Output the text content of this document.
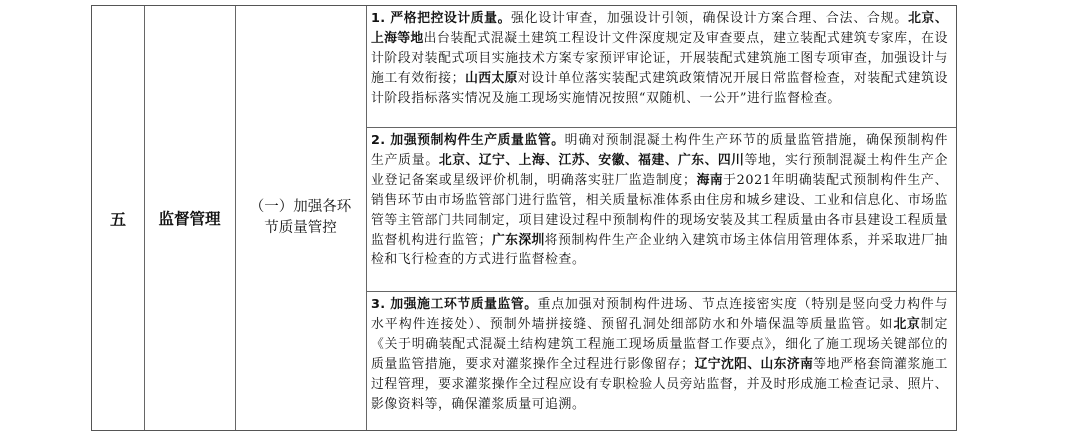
五 监督管理
（一）加强各环节质量管控
1. 严格把控设计质量。强化设计审查，加强设计引领，确保设计方案合理、合法、合规。北京、上海等地出台装配式混凝土建筑工程设计文件深度规定及审查要点，建立装配式建筑专家库，在设计阶段对装配式项目实施技术方案专家预评审论证，开展装配式建筑施工图专项审查，加强设计与施工有效衔接；山西太原对设计单位落实装配式建筑政策情况开展日常监督检查，对装配式建筑设计阶段指标落实情况及施工现场实施情况按照“双随机、一公开”进行监督检查。
2. 加强预制构件生产质量监管。明确对预制混凝土构件生产环节的质量监管措施，确保预制构件生产质量。北京、辽宁、上海、江苏、安徽、福建、广东、四川等地，实行预制混凝土构件生产企业登记备案或星级评价机制，明确落实驻厂监造制度；海南于2021年明确装配式预制构件生产、销售环节由市场监管部门进行监管，相关质量标准体系由住房和城乡建设、工业和信息化、市场监管等主管部门共同制定，项目建设过程中预制构件的现场安装及其工程质量由各市县建设工程质量监督机构进行监管；广东深圳将预制构件生产企业纳入建筑市场主体信用管理体系，并采取进厂抽检和飞行检查的方式进行监督检查。
3. 加强施工环节质量监管。重点加强对预制构件进场、节点连接密实度（特别是竖向受力构件与水平构件连接处）、预制外墙拼接缝、预留孔洞处细部防水和外墙保温等质量监管。如北京制定《关于明确装配式混凝土结构建筑工程施工现场质量监督工作要点》，细化了施工现场关键部位的质量监管措施，要求对灌浆操作全过程进行影像留存；辽宁沈阳、山东济南等地严格套筒灌浆施工过程管理，要求灌浆操作全过程应设有专职检验人员旁站监督，并及时形成施工检查记录、照片、影像资料等，确保灌浆质量可追溯。
